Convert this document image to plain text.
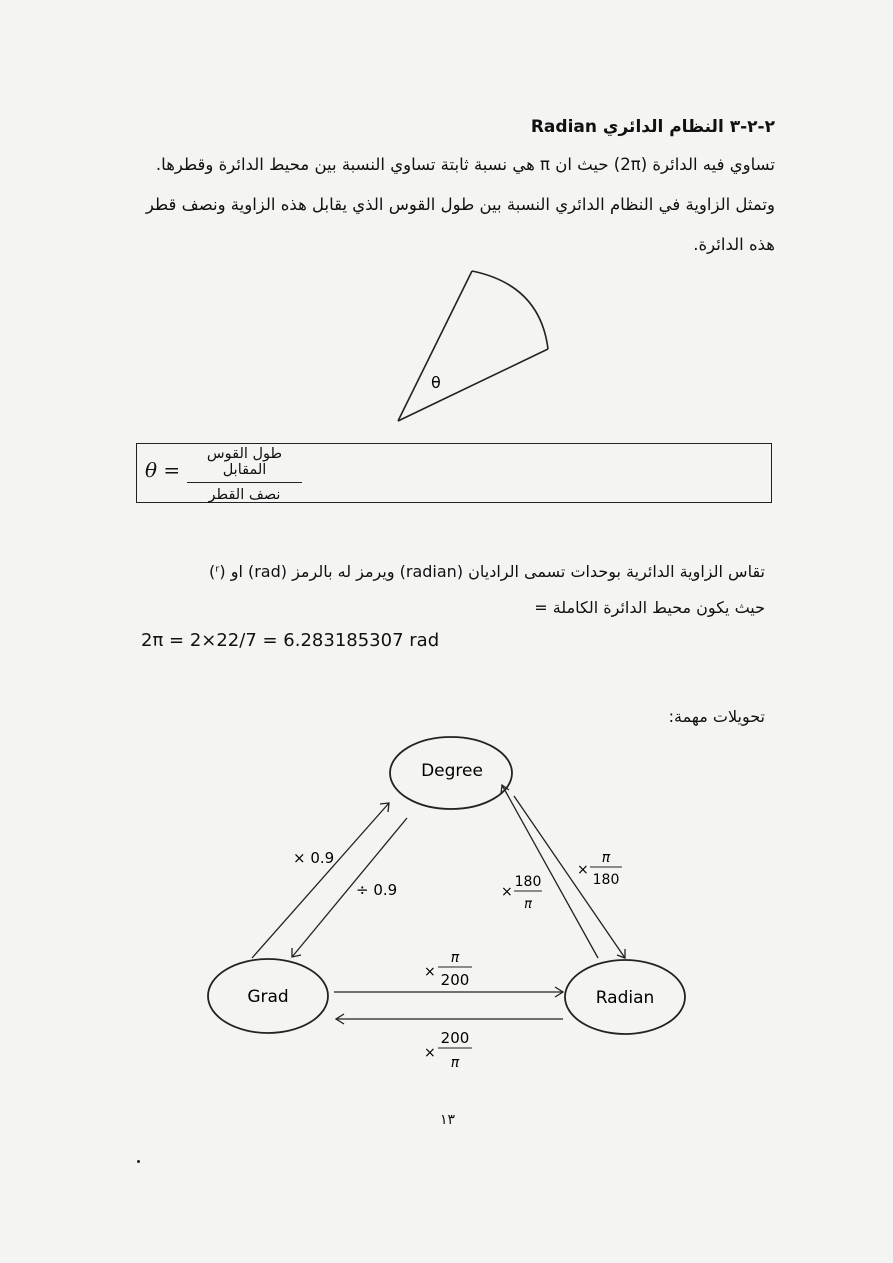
٢-٢-٣ النظام الدائري Radian
تساوي فيه الدائرة (2π) حيث ان π هي نسبة ثابتة تساوي النسبة بين محيط الدائرة وقطرها.
وتمثل الزاوية في النظام الدائري النسبة بين طول القوس الذي يقابل هذه الزاوية ونصف قطر
هذه الدائرة.
θ
Degree
Grad	Radian
× 0.9
÷ 0.9	×
180
π
×
π
180
×
π
200
×
200
π
θ =
طول القوس المقابل
نصف القطر
تقاس الزاوية الدائرية بوحدات تسمى الراديان (radian) ويرمز له بالرمز (rad) او (ʳ)
حيث يكون محيط الدائرة الكاملة =
2π = 2×22/7 = 6.283185307 rad
تحويلات مهمة:
١٣
